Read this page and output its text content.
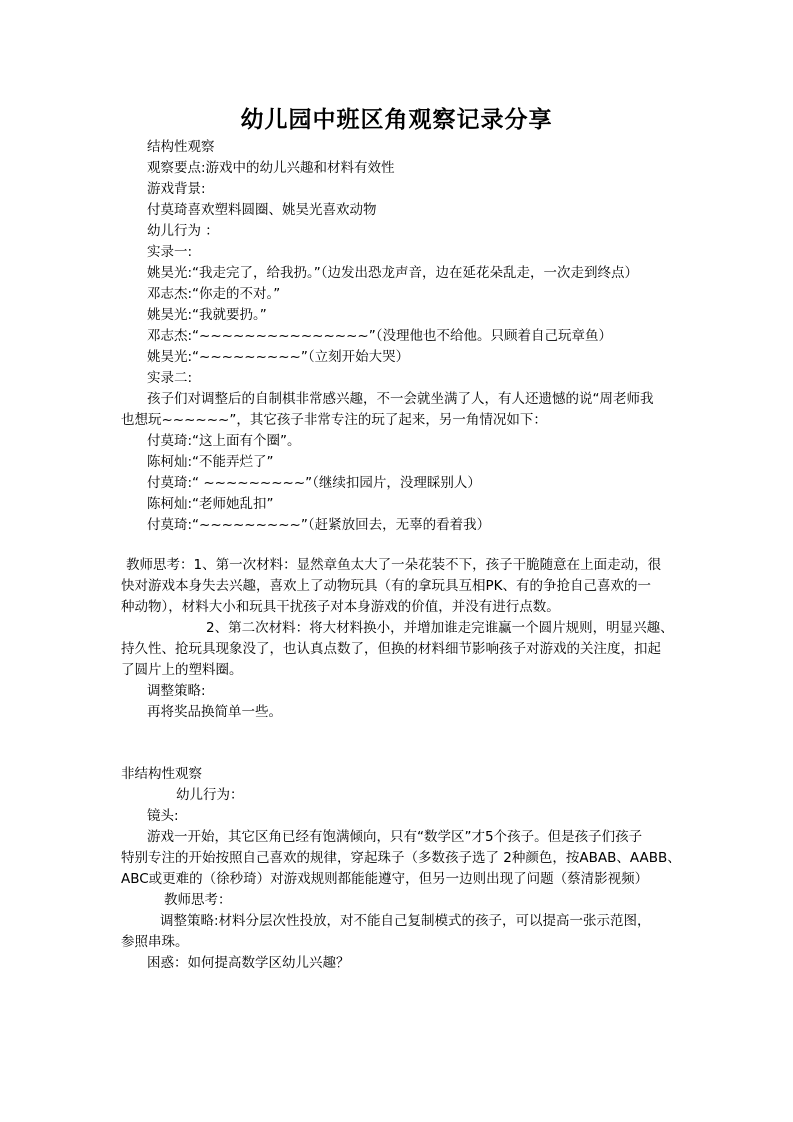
幼儿园中班区角观察记录分享
结构性观察
观察要点:游戏中的幼儿兴趣和材料有效性
游戏背景:
付莫琦喜欢塑料圆圈、姚昊光喜欢动物
幼儿行为 ：
实录一:
姚昊光:“我走完了，给我扔。”（边发出恐龙声音，边在延花朵乱走，一次走到终点）
邓志杰:“你走的不对。”
姚昊光:“我就要扔。”
邓志杰:“~~~~~~~~~~~~~~~”（没理他也不给他。只顾着自己玩章鱼）
姚昊光:“~~~~~~~~~”（立刻开始大哭）
实录二:
孩子们对调整后的自制棋非常感兴趣，不一会就坐满了人，有人还遗憾的说“周老师我
也想玩~~~~~~”，其它孩子非常专注的玩了起来，另一角情况如下：
付莫琦:“这上面有个圈”。
陈柯灿:“不能弄烂了”
付莫琦:“ ~~~~~~~~~”（继续扣园片，没理睬别人）
陈柯灿:“老师她乱扣”
付莫琦:“~~~~~~~~~”（赶紧放回去，无辜的看着我）
教师思考：1、第一次材料：显然章鱼太大了一朵花装不下，孩子干脆随意在上面走动，很
快对游戏本身失去兴趣，喜欢上了动物玩具（有的拿玩具互相PK、有的争抢自己喜欢的一
种动物），材料大小和玩具干扰孩子对本身游戏的价值，并没有进行点数。
2、第二次材料：将大材料换小，并增加谁走完谁赢一个圆片规则，明显兴趣、
持久性、抢玩具现象没了，也认真点数了，但换的材料细节影响孩子对游戏的关注度，扣起
了圆片上的塑料圈。
调整策略:
再将奖品换简单一些。
非结构性观察
幼儿行为：
镜头:
游戏一开始，其它区角已经有饱满倾向，只有“数学区”才5个孩子。但是孩子们孩子
特别专注的开始按照自己喜欢的规律，穿起珠子（多数孩子选了 2种颜色，按ABAB、AABB、
ABC或更难的（徐秒琦）对游戏规则都能能遵守，但另一边则出现了问题（蔡清影视频）
教师思考：
调整策略:材料分层次性投放，对不能自己复制模式的孩子，可以提高一张示范图，
参照串珠。
困惑：如何提高数学区幼儿兴趣？
